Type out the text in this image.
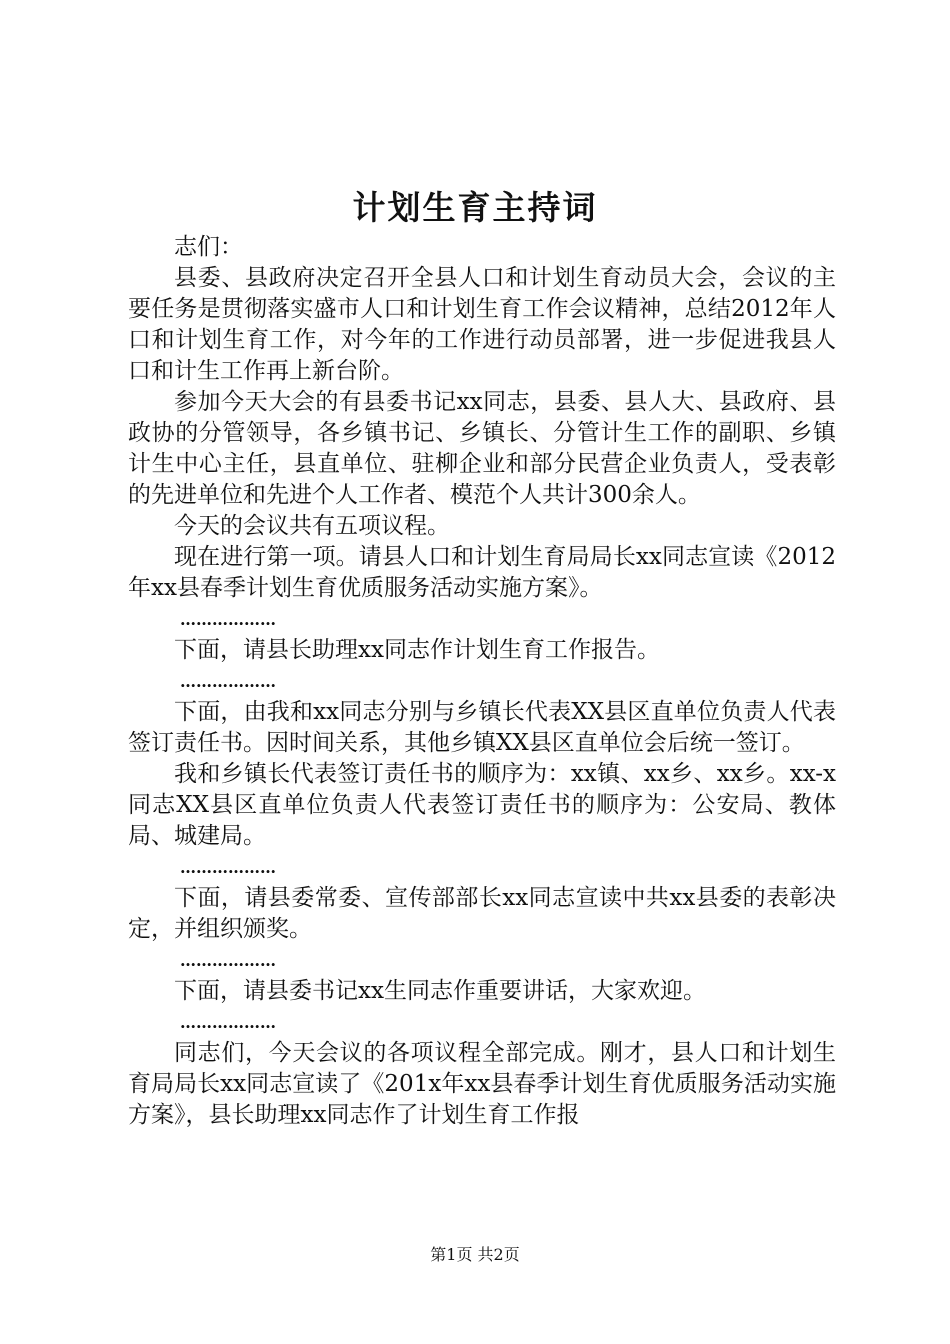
计划生育主持词

志们：

县委、县政府决定召开全县人口和计划生育动员大会，会议的主要任务是贯彻落实盛市人口和计划生育工作会议精神，总结2012年人口和计划生育工作，对今年的工作进行动员部署，进一步促进我县人口和计生工作再上新台阶。

参加今天大会的有县委书记xx同志，县委、县人大、县政府、县政协的分管领导，各乡镇书记、乡镇长、分管计生工作的副职、乡镇计生中心主任，县直单位、驻柳企业和部分民营企业负责人，受表彰的先进单位和先进个人工作者、模范个人共计300余人。

今天的会议共有五项议程。

现在进行第一项。请县人口和计划生育局局长xx同志宣读《2012年xx县春季计划生育优质服务活动实施方案》。

………………

下面，请县长助理xx同志作计划生育工作报告。

………………

下面，由我和xx同志分别与乡镇长代表XX县区直单位负责人代表签订责任书。因时间关系，其他乡镇XX县区直单位会后统一签订。

我和乡镇长代表签订责任书的顺序为：xx镇、xx乡、xx乡。xx-x同志XX县区直单位负责人代表签订责任书的顺序为：公安局、教体局、城建局。

………………

下面，请县委常委、宣传部部长xx同志宣读中共xx县委的表彰决定，并组织颁奖。

………………

下面，请县委书记xx生同志作重要讲话，大家欢迎。

………………

同志们，今天会议的各项议程全部完成。刚才，县人口和计划生育局局长xx同志宣读了《201x年xx县春季计划生育优质服务活动实施方案》，县长助理xx同志作了计划生育工作报

第1页 共2页
